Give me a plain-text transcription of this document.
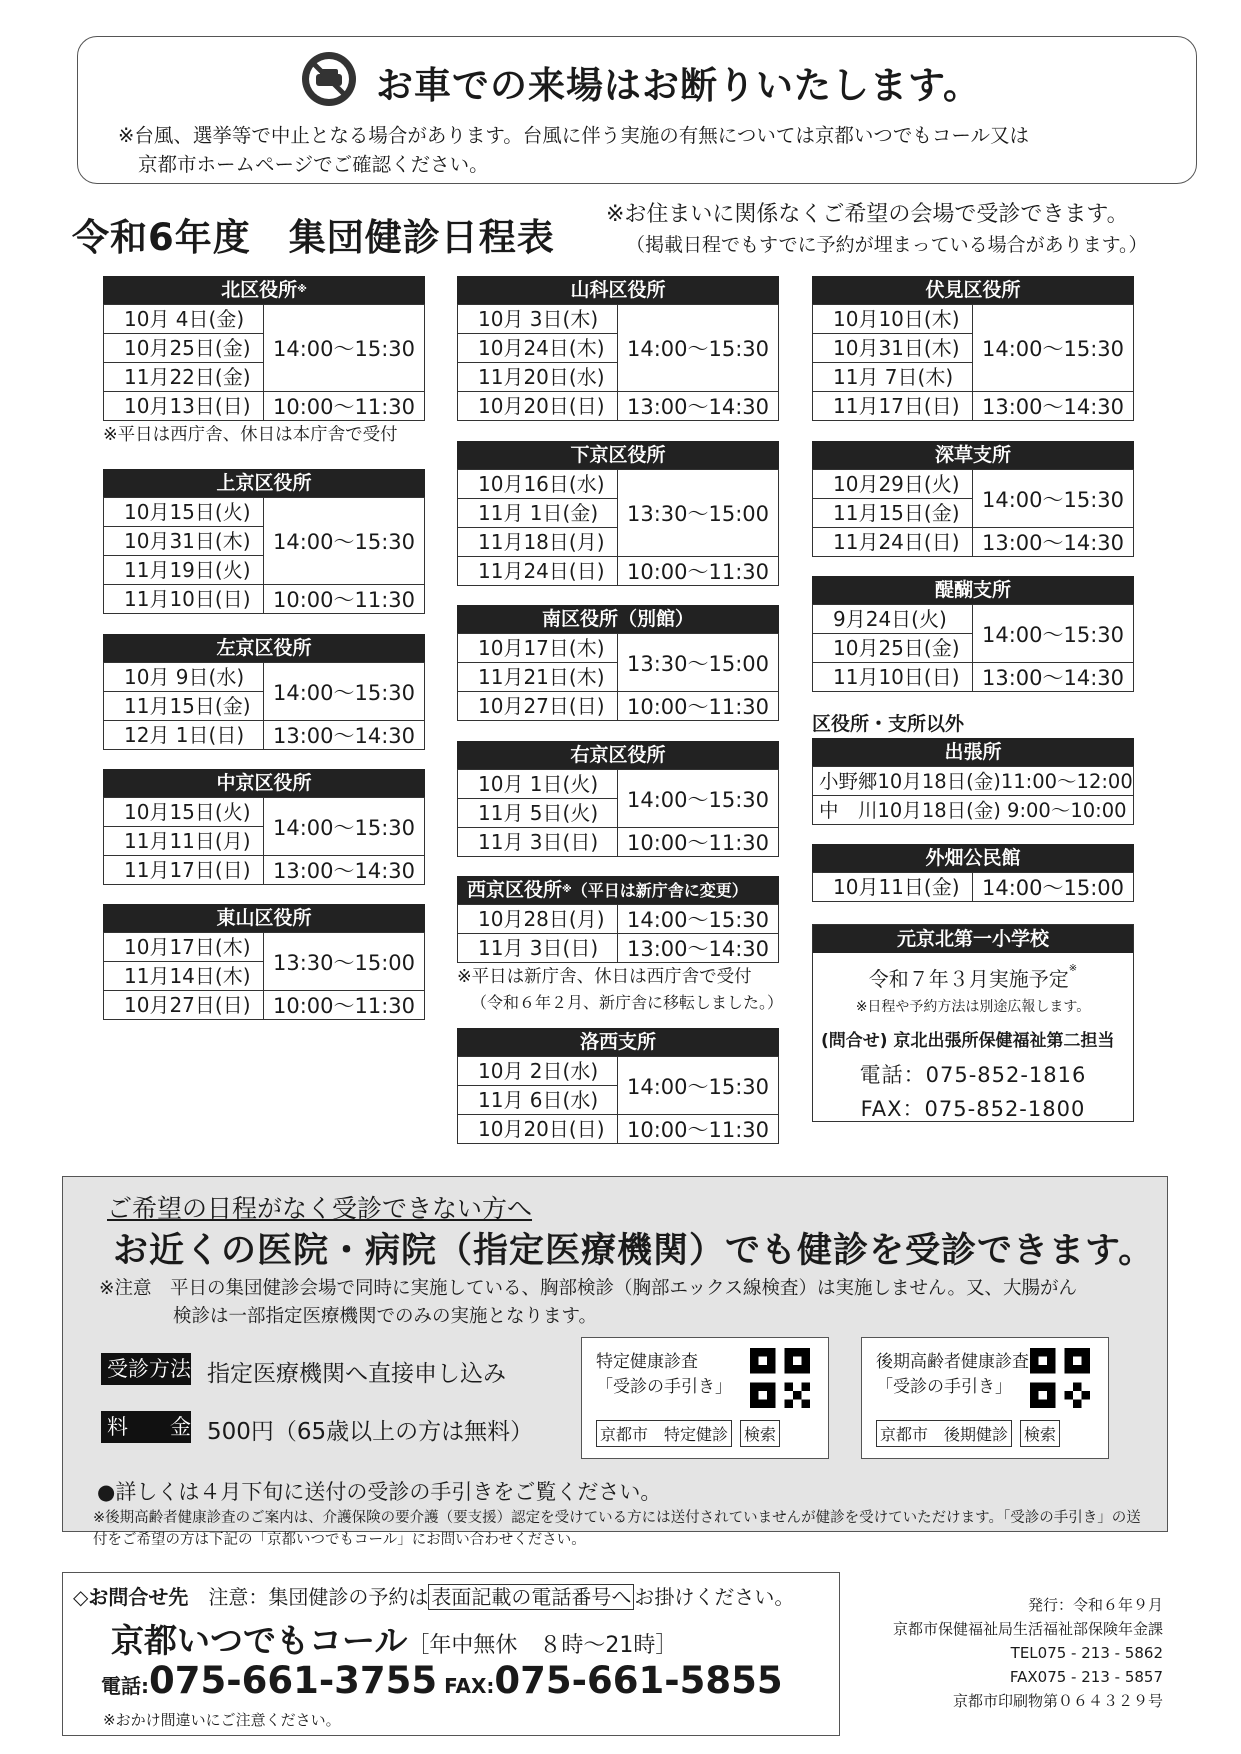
お車での来場はお断りいたします。
※台風、選挙等で中止となる場合があります。台風に伴う実施の有無については京都いつでもコール又は
京都市ホームページでご確認ください。
令和6年度　集団健診日程表
※お住まいに関係なくご希望の会場で受診できます。
（掲載日程でもすでに予約が埋まっている場合があります。）
北区役所※
10月 4日(金)
10月25日(金)
11月22日(金)
10月13日(日)
14:00～15:30
10:00～11:30
※平日は西庁舎、休日は本庁舎で受付
上京区役所
10月15日(火)
10月31日(木)
11月19日(火)
11月10日(日)
14:00～15:30
10:00～11:30
左京区役所
10月 9日(水)
11月15日(金)
12月 1日(日)
14:00～15:30
13:00～14:30
中京区役所
10月15日(火)
11月11日(月)
11月17日(日)
14:00～15:30
13:00～14:30
東山区役所
10月17日(木)
11月14日(木)
10月27日(日)
13:30～15:00
10:00～11:30
山科区役所
10月 3日(木)
10月24日(木)
11月20日(水)
10月20日(日)
14:00～15:30
13:00～14:30
下京区役所
10月16日(水)
11月 1日(金)
11月18日(月)
11月24日(日)
13:30～15:00
10:00～11:30
南区役所（別館）
10月17日(木)
11月21日(木)
10月27日(日)
13:30～15:00
10:00～11:30
右京区役所
10月 1日(火)
11月 5日(火)
11月 3日(日)
14:00～15:30
10:00～11:30
西京区役所※（平日は新庁舎に変更）
10月28日(月)
11月 3日(日)
14:00～15:30
13:00～14:30
※平日は新庁舎、休日は西庁舎で受付
（令和６年２月、新庁舎に移転しました。）
洛西支所
10月 2日(水)
11月 6日(水)
10月20日(日)
14:00～15:30
10:00～11:30
伏見区役所
10月10日(木)
10月31日(木)
11月 7日(木)
11月17日(日)
14:00～15:30
13:00～14:30
深草支所
10月29日(火)
11月15日(金)
11月24日(日)
14:00～15:30
13:00～14:30
醍醐支所
9月24日(火)
10月25日(金)
11月10日(日)
14:00～15:30
13:00～14:30
区役所・支所以外
出張所
小野郷10月18日(金)11:00～12:00
中　川10月18日(金) 9:00～10:00
外畑公民館
10月11日(金)	14:00～15:00
元京北第一小学校
令和７年３月実施予定※
※日程や予約方法は別途広報します。
(問合せ) 京北出張所保健福祉第二担当
電話：075-852-1816
FAX：075-852-1800
ご希望の日程がなく受診できない方へ
お近くの医院・病院（指定医療機関）でも健診を受診できます。
※注意　平日の集団健診会場で同時に実施している、胸部検診（胸部エックス線検査）は実施しません。又、大腸がん
検診は一部指定医療機関でのみの実施となります。
受診方法 指定医療機関へ直接申し込み
料　　金 500円（65歳以上の方は無料）
特定健康診査
「受診の手引き」
京都市　特定健診 検索
後期高齢者健康診査
「受診の手引き」
京都市　後期健診 検索
●詳しくは４月下旬に送付の受診の手引きをご覧ください。
※後期高齢者健康診査のご案内は、介護保険の要介護（要支援）認定を受けている方には送付されていませんが健診を受けていただけます。「受診の手引き」の送付をご希望の方は下記の「京都いつでもコール」にお問い合わせください。
◇お問合せ先　注意：集団健診の予約は 表面記載の電話番号へ お掛けください。
京都いつでもコール［年中無休　８時～21時］
電話:075-661-3755 FAX:075-661-5855
※おかけ間違いにご注意ください。
発行：令和６年９月
京都市保健福祉局生活福祉部保険年金課
TEL075 - 213 - 5862
FAX075 - 213 - 5857
京都市印刷物第０６４３２９号
